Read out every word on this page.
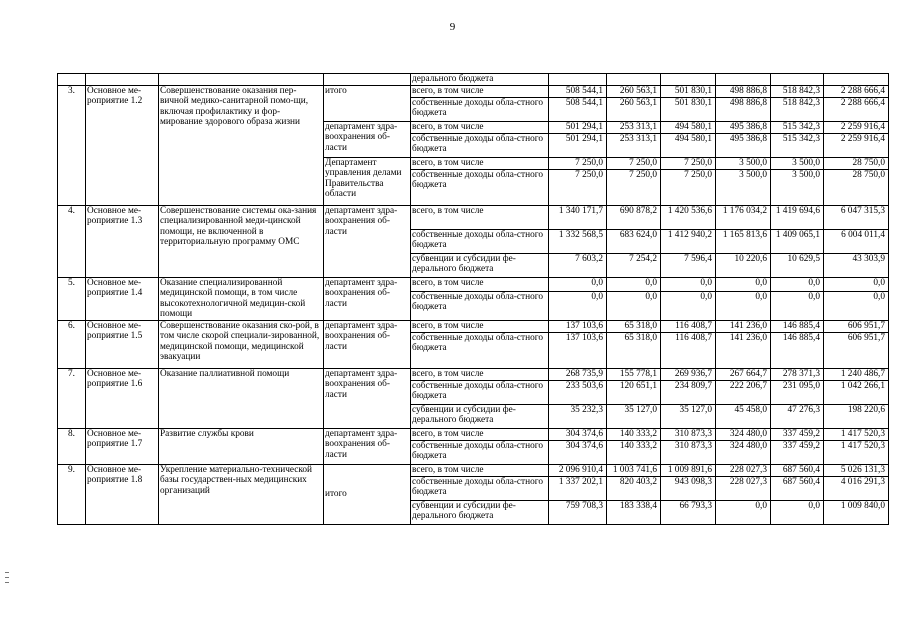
9
				дерального бюджета						
3.	Основное ме-роприятие 1.2	Совершенствование оказания пер-вичной медико-санитарной помо-щи, включая профилактику и фор-мирование здорового образа жизни	итого	всего, в том числе	508 544,1	260 563,1	501 830,1	498 886,8	518 842,3	2 288 666,4
				собственные доходы обла-стного бюджета	508 544,1	260 563,1	501 830,1	498 886,8	518 842,3	2 288 666,4
			департамент здра-воохранения об-ласти	всего, в том числе	501 294,1	253 313,1	494 580,1	495 386,8	515 342,3	2 259 916,4
				собственные доходы обла-стного бюджета	501 294,1	253 313,1	494 580,1	495 386,8	515 342,3	2 259 916,4
			Департамент управления делами Правительства области	всего, в том числе	7 250,0	7 250,0	7 250,0	3 500,0	3 500,0	28 750,0
				собственные доходы обла-стного бюджета	7 250,0	7 250,0	7 250,0	3 500,0	3 500,0	28 750,0
4.	Основное ме-роприятие 1.3	Совершенствование системы ока-зания специализированной меди-цинской помощи, не включенной в территориальную программу ОМС	департамент здра-воохранения об-ласти	всего, в том числе	1 340 171,7	690 878,2	1 420 536,6	1 176 034,2	1 419 694,6	6 047 315,3
				собственные доходы обла-стного бюджета	1 332 568,5	683 624,0	1 412 940,2	1 165 813,6	1 409 065,1	6 004 011,4
				субвенции и субсидии фе-дерального бюджета	7 603,2	7 254,2	7 596,4	10 220,6	10 629,5	43 303,9
5.	Основное ме-роприятие 1.4	Оказание специализированной медицинской помощи, в том числе высокотехнологичной медицин-ской помощи	департамент здра-воохранения об-ласти	всего, в том числе	0,0	0,0	0,0	0,0	0,0	0,0
				собственные доходы обла-стного бюджета	0,0	0,0	0,0	0,0	0,0	0,0
6.	Основное ме-роприятие 1.5	Совершенствование оказания ско-рой, в том числе скорой специали-зированной, медицинской помощи, медицинской эвакуации	департамент здра-воохранения об-ласти	всего, в том числе	137 103,6	65 318,0	116 408,7	141 236,0	146 885,4	606 951,7
				собственные доходы обла-стного бюджета	137 103,6	65 318,0	116 408,7	141 236,0	146 885,4	606 951,7
7.	Основное ме-роприятие 1.6	Оказание паллиативной помощи	департамент здра-воохранения об-ласти	всего, в том числе	268 735,9	155 778,1	269 936,7	267 664,7	278 371,3	1 240 486,7
				собственные доходы обла-стного бюджета	233 503,6	120 651,1	234 809,7	222 206,7	231 095,0	1 042 266,1
				субвенции и субсидии фе-дерального бюджета	35 232,3	35 127,0	35 127,0	45 458,0	47 276,3	198 220,6
8.	Основное ме-роприятие 1.7	Развитие службы крови	департамент здра-воохранения об-ласти	всего, в том числе	304 374,6	140 333,2	310 873,3	324 480,0	337 459,2	1 417 520,3
				собственные доходы обла-стного бюджета	304 374,6	140 333,2	310 873,3	324 480,0	337 459,2	1 417 520,3
9.	Основное ме-роприятие 1.8	Укрепление материально-технической базы государствен-ных медицинских организаций	итого	всего, в том числе	2 096 910,4	1 003 741,6	1 009 891,6	228 027,3	687 560,4	5 026 131,3
				собственные доходы обла-стного бюджета	1 337 202,1	820 403,2	943 098,3	228 027,3	687 560,4	4 016 291,3
				субвенции и субсидии фе-дерального бюджета	759 708,3	183 338,4	66 793,3	0,0	0,0	1 009 840,0
